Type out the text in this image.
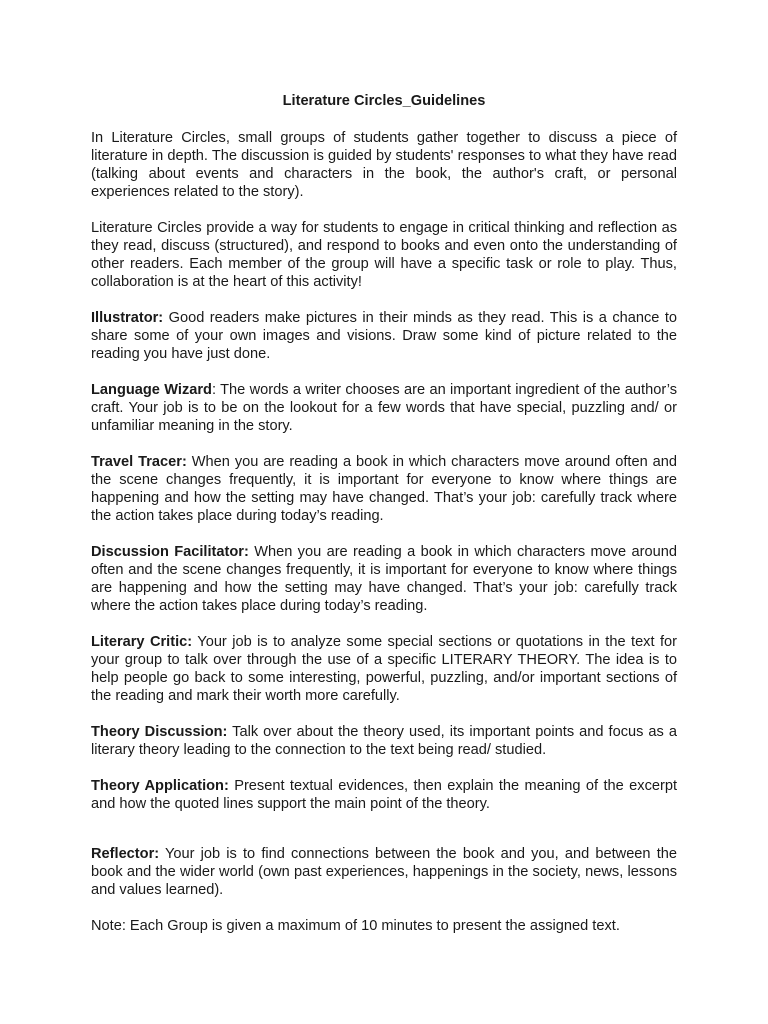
Literature Circles_Guidelines

In Literature Circles, small groups of students gather together to discuss a piece of literature in depth. The discussion is guided by students' responses to what they have read (talking about events and characters in the book, the author's craft, or personal experiences related to the story).

Literature Circles provide a way for students to engage in critical thinking and reflection as they read, discuss (structured), and respond to books and even onto the understanding of other readers. Each member of the group will have a specific task or role to play. Thus, collaboration is at the heart of this activity!

Illustrator: Good readers make pictures in their minds as they read. This is a chance to share some of your own images and visions. Draw some kind of picture related to the reading you have just done.

Language Wizard: The words a writer chooses are an important ingredient of the author’s craft. Your job is to be on the lookout for a few words that have special, puzzling and/ or unfamiliar meaning in the story.

Travel Tracer: When you are reading a book in which characters move around often and the scene changes frequently, it is important for everyone to know where things are happening and how the setting may have changed. That’s your job: carefully track where the action takes place during today’s reading.

Discussion Facilitator: When you are reading a book in which characters move around often and the scene changes frequently, it is important for everyone to know where things are happening and how the setting may have changed. That’s your job: carefully track where the action takes place during today’s reading.

Literary Critic: Your job is to analyze some special sections or quotations in the text for your group to talk over through the use of a specific LITERARY THEORY. The idea is to help people go back to some interesting, powerful, puzzling, and/or important sections of the reading and mark their worth more carefully.

Theory Discussion: Talk over about the theory used, its important points and focus as a literary theory leading to the connection to the text being read/ studied.

Theory Application: Present textual evidences, then explain the meaning of the excerpt and how the quoted lines support the main point of the theory.

Reflector: Your job is to find connections between the book and you, and between the book and the wider world (own past experiences, happenings in the society, news, lessons and values learned).

Note: Each Group is given a maximum of 10 minutes to present the assigned text.
